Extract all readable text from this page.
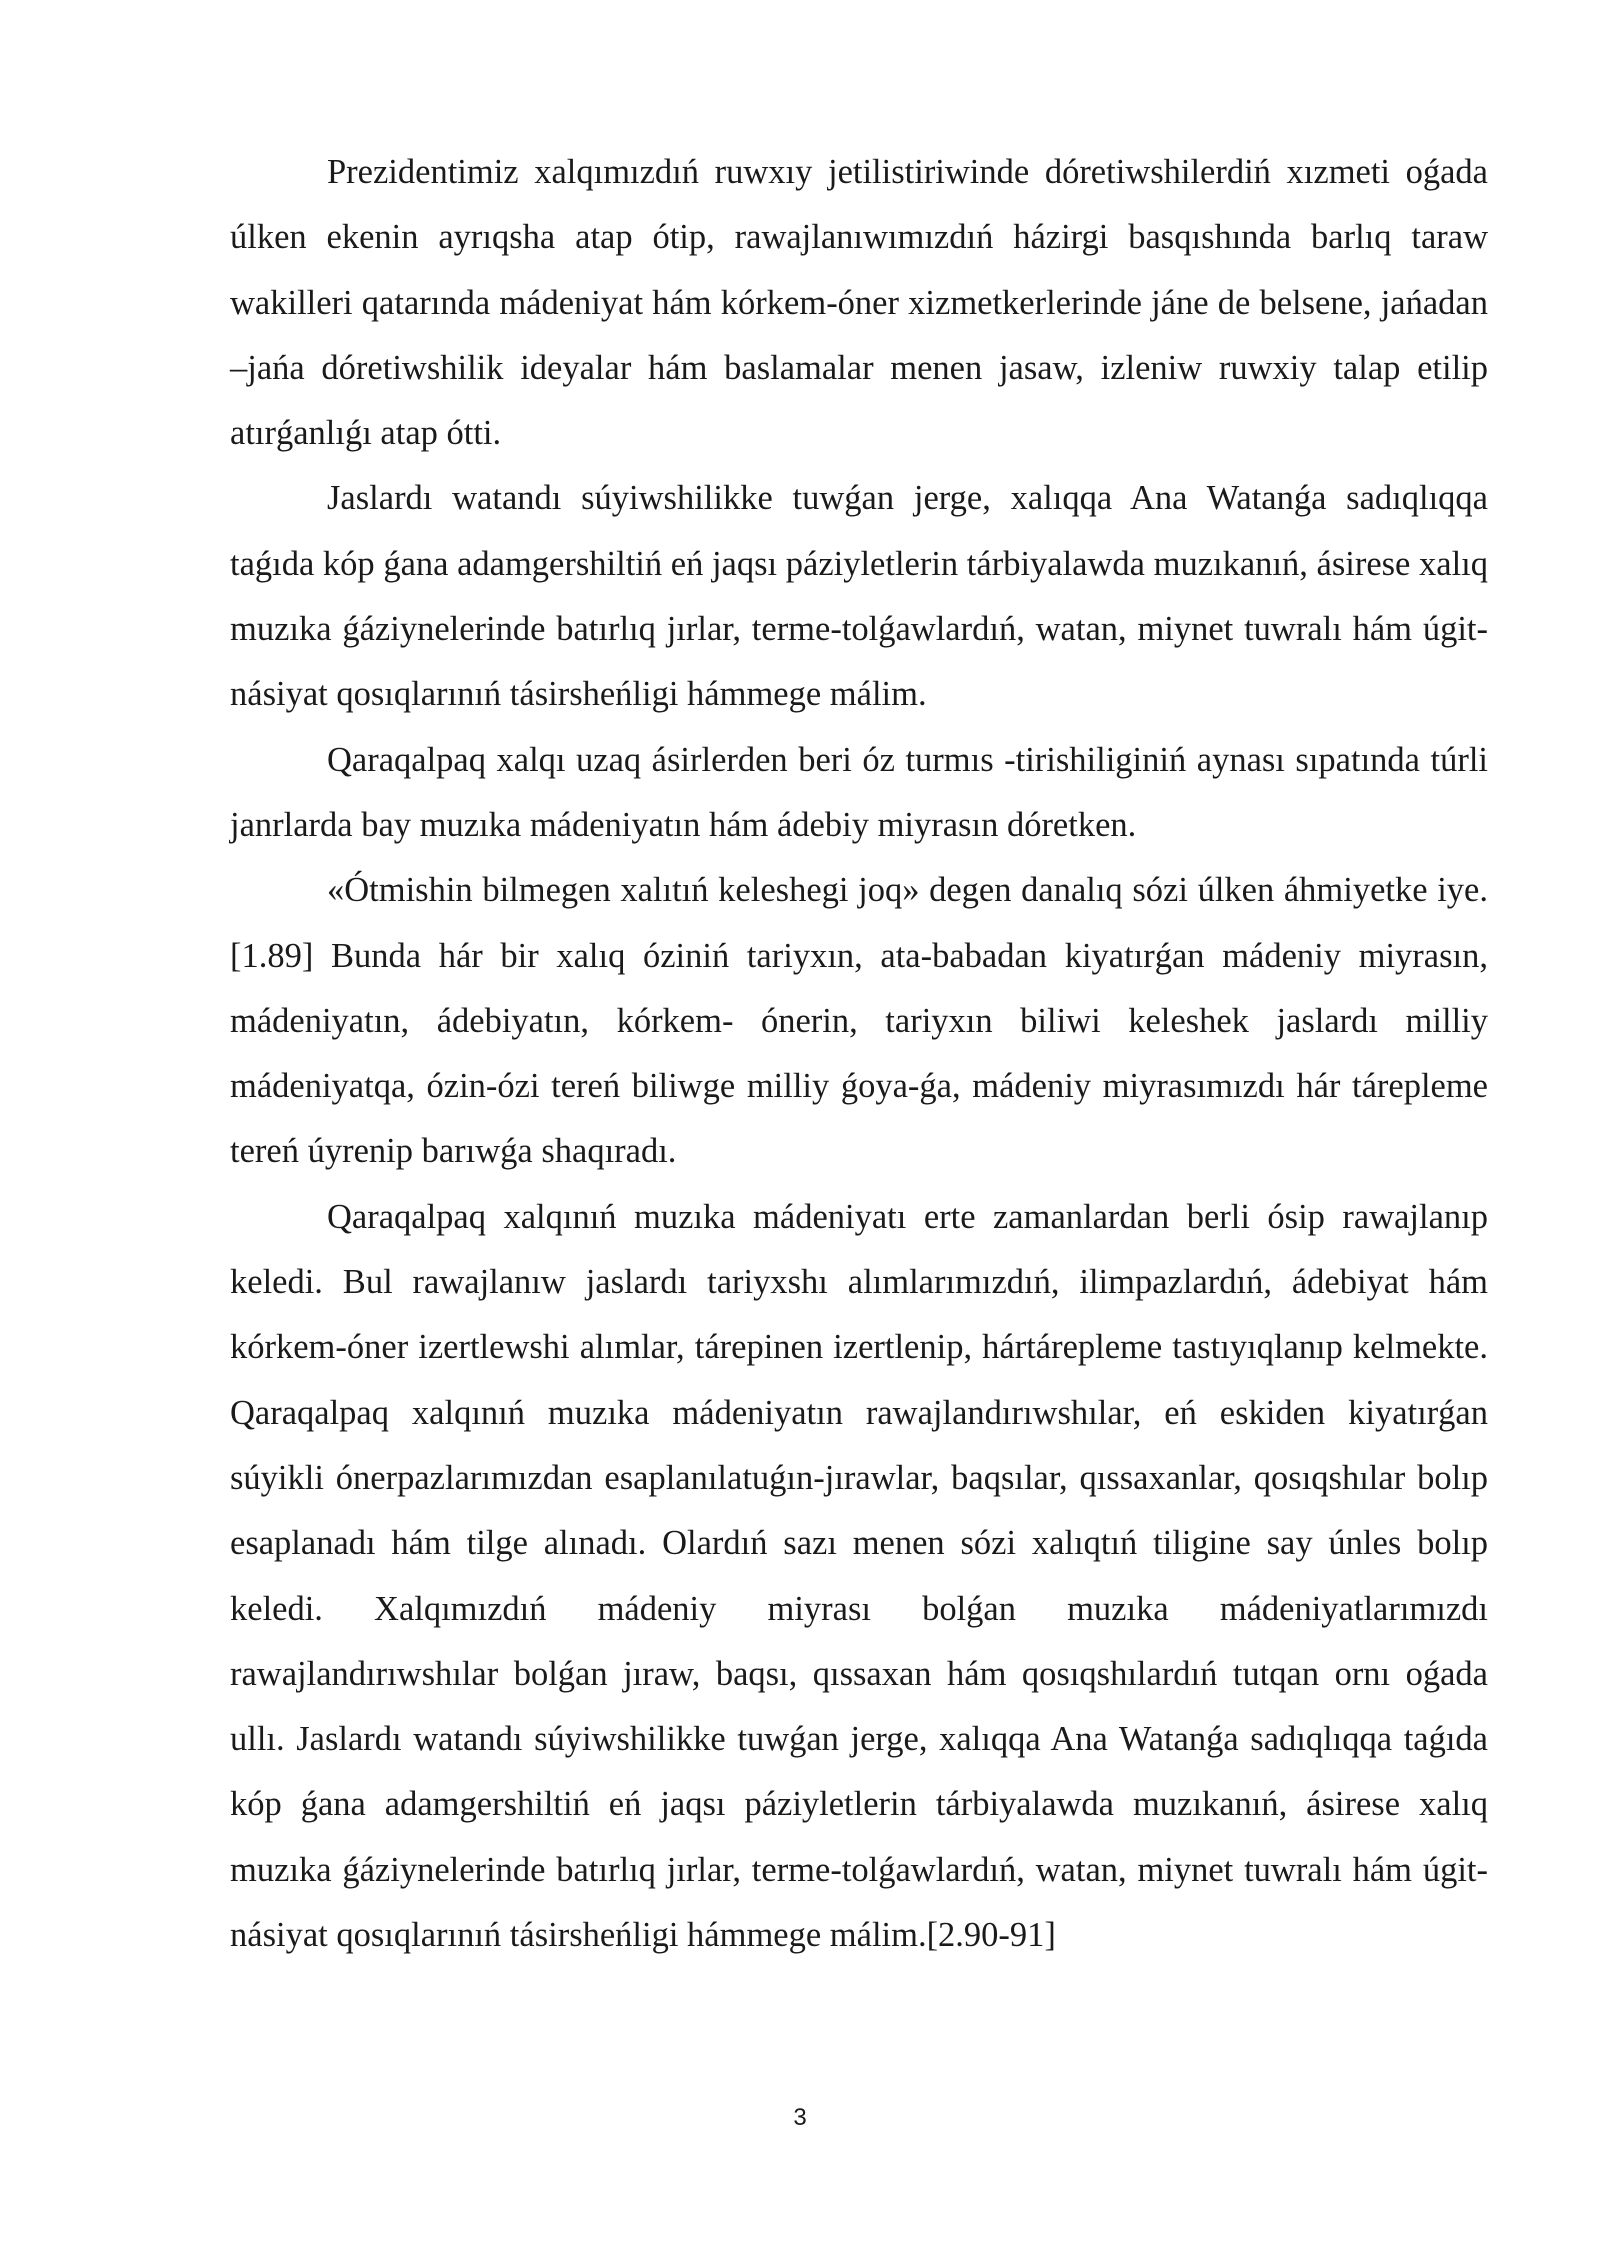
Prezidentimiz xalqımızdıń ruwxıy jetilistiriwinde dóretiwshilerdiń xızmeti oǵada úlken ekenin ayrıqsha atap ótip, rawajlanıwımızdıń házirgi basqıshında barlıq taraw wakilleri qatarında mádeniyat hám kórkem-óner xizmetkerlerinde jáne de belsene, jańadan –jańa dóretiwshilik ideyalar hám baslamalar menen jasaw, izleniw ruwxiy talap etilip atırǵanlıǵı atap ótti.

Jaslardı watandı súyiwshilikke tuwǵan jerge, xalıqqa Ana Watanǵa sadıqlıqqa taǵıda kóp ǵana adamgershiltiń eń jaqsı páziyletlerin tárbiyalawda muzıkanıń, ásirese xalıq muzıka ǵáziynelerinde batırlıq jırlar, terme-tolǵawlardıń, watan, miynet tuwralı hám úgit-násiyat qosıqlarınıń tásirsheńligi hámmege málim.

Qaraqalpaq xalqı uzaq ásirlerden beri óz turmıs -tirishiliginiń aynası sıpatında túrli janrlarda bay muzıka mádeniyatın hám ádebiy miyrasın dóretken.

«Ótmishin bilmegen xalıtıń keleshegi joq» degen danalıq sózi úlken áhmiyetke iye.[1.89] Bunda hár bir xalıq óziniń tariyxın, ata-babadan kiyatırǵan mádeniy miyrasın, mádeniyatın, ádebiyatın, kórkem- ónerin, tariyxın biliwi keleshek jaslardı milliy mádeniyatqa, ózin-ózi tereń biliwge milliy ǵoya-ǵa, mádeniy miyrasımızdı hár tárepleme tereń úyrenip barıwǵa shaqıradı.

Qaraqalpaq xalqınıń muzıka mádeniyatı erte zamanlardan berli ósip rawajlanıp keledi. Bul rawajlanıw jaslardı tariyxshı alımlarımızdıń, ilimpazlardıń, ádebiyat hám kórkem-óner izertlewshi alımlar, tárepinen izertlenip, hártárepleme tastıyıqlanıp kelmekte. Qaraqalpaq xalqınıń muzıka mádeniyatın rawajlandırıwshılar, eń eskiden kiyatırǵan súyikli ónerpazlarımızdan esaplanılatuǵın-jırawlar, baqsılar, qıssaxanlar, qosıqshılar bolıp esaplanadı hám tilge alınadı. Olardıń sazı menen sózi xalıqtıń tiligine say únles bolıp keledi. Xalqımızdıń mádeniy miyrası bolǵan muzıka mádeniyatlarımızdı rawajlandırıwshılar bolǵan jıraw, baqsı, qıssaxan hám qosıqshılardıń tutqan ornı oǵada ullı. Jaslardı watandı súyiwshilikke tuwǵan jerge, xalıqqa Ana Watanǵa sadıqlıqqa taǵıda kóp ǵana adamgershiltiń eń jaqsı páziyletlerin tárbiyalawda muzıkanıń, ásirese xalıq muzıka ǵáziynelerinde batırlıq jırlar, terme-tolǵawlardıń, watan, miynet tuwralı hám úgit-násiyat qosıqlarınıń tásirsheńligi hámmege málim.[2.90-91]

3
